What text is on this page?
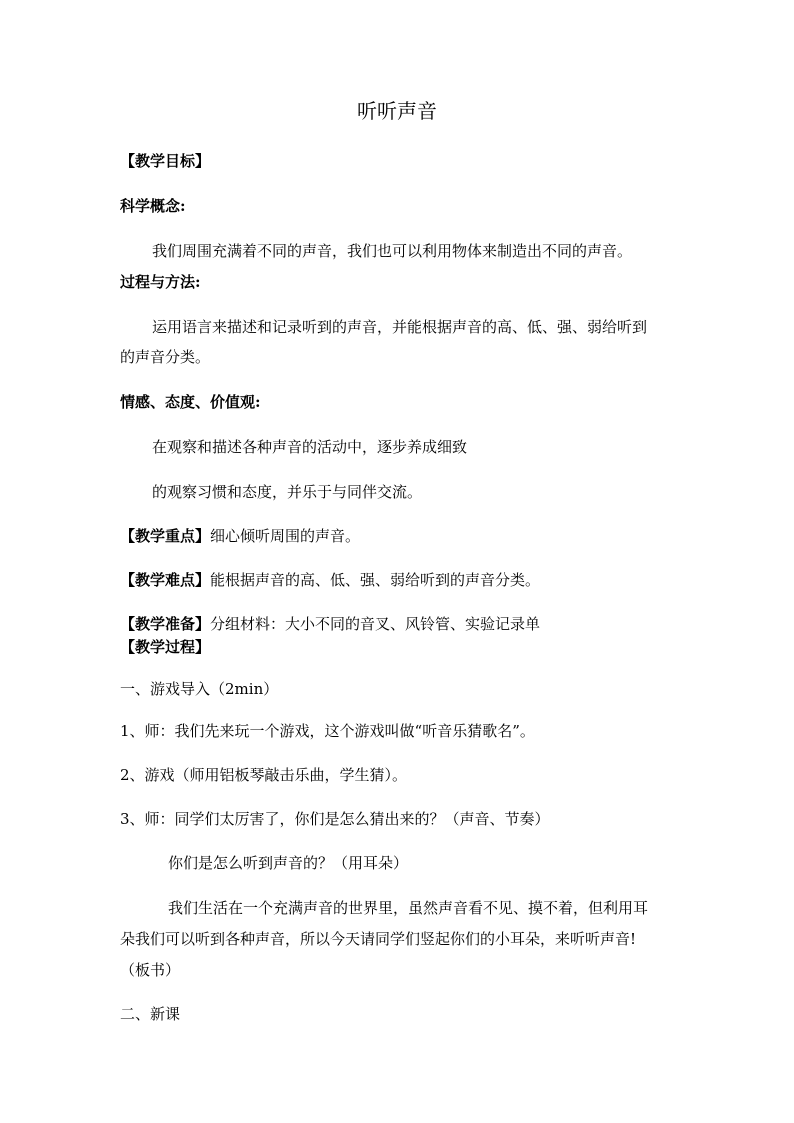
听听声音
【教学目标】
科学概念:
我们周围充满着不同的声音，我们也可以利用物体来制造出不同的声音。
过程与方法:
运用语言来描述和记录听到的声音，并能根据声音的高、低、强、弱给听到
的声音分类。
情感、态度、价值观:
在观察和描述各种声音的活动中，逐步养成细致
的观察习惯和态度，并乐于与同伴交流。
【教学重点】细心倾听周围的声音。
【教学难点】能根据声音的高、低、强、弱给听到的声音分类。
【教学准备】分组材料：大小不同的音叉、风铃管、实验记录单
【教学过程】
一、游戏导入（2min）
1、师：我们先来玩一个游戏，这个游戏叫做“听音乐猜歌名”。
2、游戏（师用铝板琴敲击乐曲，学生猜）。
3、师：同学们太厉害了，你们是怎么猜出来的？（声音、节奏）
你们是怎么听到声音的？（用耳朵）
我们生活在一个充满声音的世界里，虽然声音看不见、摸不着，但利用耳
朵我们可以听到各种声音，所以今天请同学们竖起你们的小耳朵，来听听声音!
（板书）
二、新课
